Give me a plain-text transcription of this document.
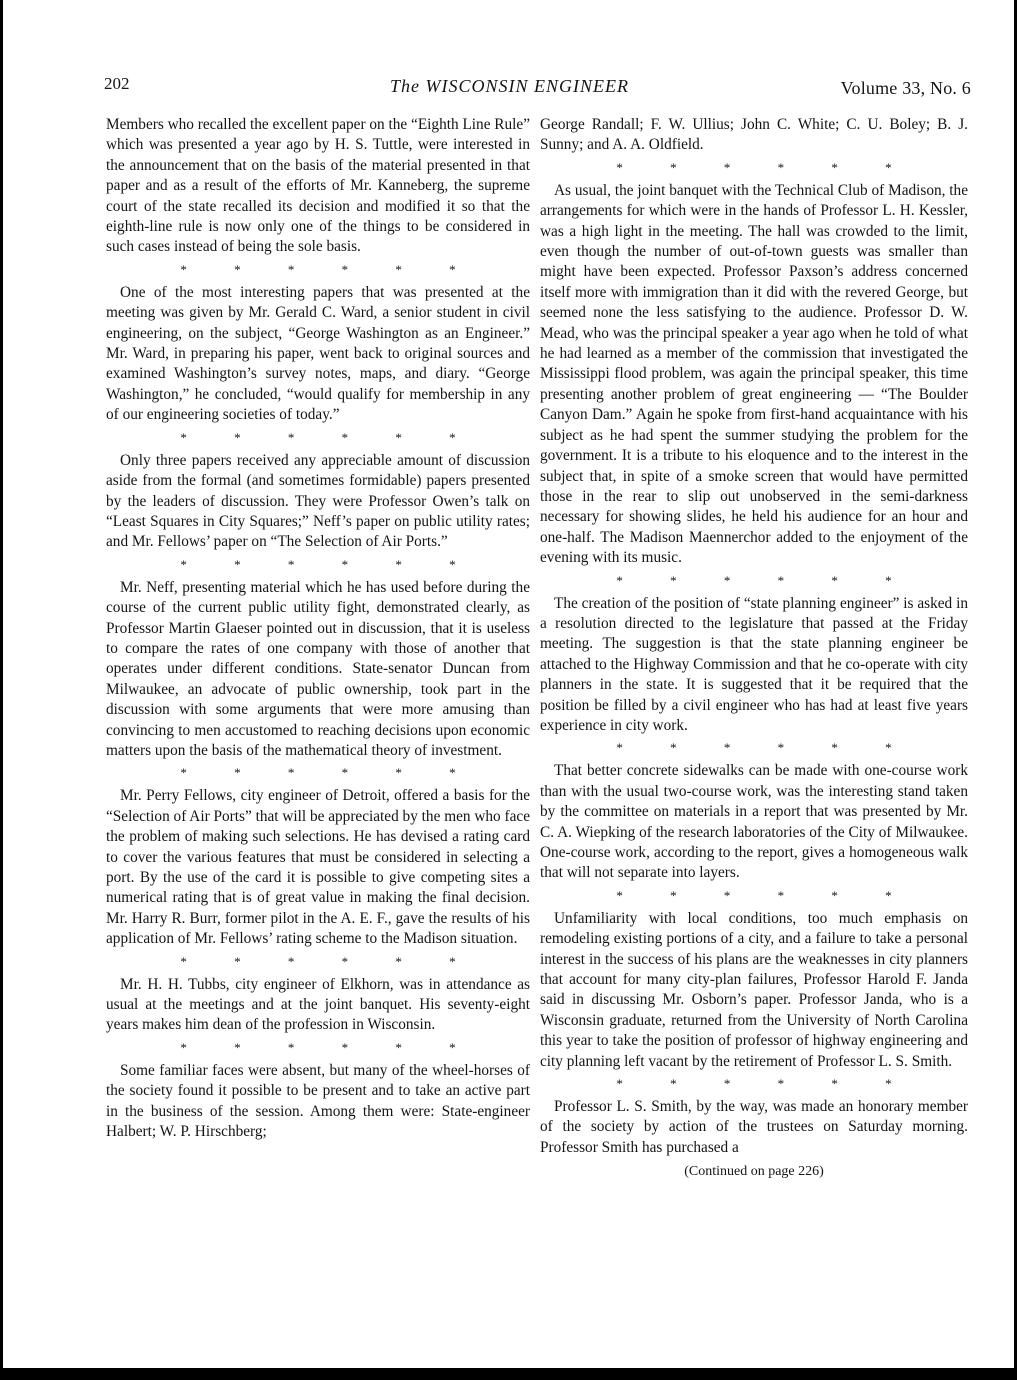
202	The WISCONSIN ENGINEER	Volume 33, No. 6

Members who recalled the excellent paper on the “Eighth Line Rule” which was presented a year ago by H. S. Tuttle, were interested in the announcement that on the basis of the material presented in that paper and as a result of the efforts of Mr. Kanneberg, the supreme court of the state recalled its decision and modified it so that the eighth-line rule is now only one of the things to be considered in such cases instead of being the sole basis.

* * * * * *

One of the most interesting papers that was presented at the meeting was given by Mr. Gerald C. Ward, a senior student in civil engineering, on the subject, “George Washington as an Engineer.” Mr. Ward, in preparing his paper, went back to original sources and examined Washington’s survey notes, maps, and diary. “George Washington,” he concluded, “would qualify for membership in any of our engineering societies of today.”

* * * * * *

Only three papers received any appreciable amount of discussion aside from the formal (and sometimes formidable) papers presented by the leaders of discussion. They were Professor Owen’s talk on “Least Squares in City Squares;” Neff’s paper on public utility rates; and Mr. Fellows’ paper on “The Selection of Air Ports.”

* * * * * *

Mr. Neff, presenting material which he has used before during the course of the current public utility fight, demonstrated clearly, as Professor Martin Glaeser pointed out in discussion, that it is useless to compare the rates of one company with those of another that operates under different conditions. State-senator Duncan from Milwaukee, an advocate of public ownership, took part in the discussion with some arguments that were more amusing than convincing to men accustomed to reaching decisions upon economic matters upon the basis of the mathematical theory of investment.

* * * * * *

Mr. Perry Fellows, city engineer of Detroit, offered a basis for the “Selection of Air Ports” that will be appreciated by the men who face the problem of making such selections. He has devised a rating card to cover the various features that must be considered in selecting a port. By the use of the card it is possible to give competing sites a numerical rating that is of great value in making the final decision. Mr. Harry R. Burr, former pilot in the A. E. F., gave the results of his application of Mr. Fellows’ rating scheme to the Madison situation.

* * * * * *

Mr. H. H. Tubbs, city engineer of Elkhorn, was in attendance as usual at the meetings and at the joint banquet. His seventy-eight years makes him dean of the profession in Wisconsin.

* * * * * *

Some familiar faces were absent, but many of the wheel-horses of the society found it possible to be present and to take an active part in the business of the session. Among them were: State-engineer Halbert; W. P. Hirschberg;

George Randall; F. W. Ullius; John C. White; C. U. Boley; B. J. Sunny; and A. A. Oldfield.

* * * * * *

As usual, the joint banquet with the Technical Club of Madison, the arrangements for which were in the hands of Professor L. H. Kessler, was a high light in the meeting. The hall was crowded to the limit, even though the number of out-of-town guests was smaller than might have been expected. Professor Paxson’s address concerned itself more with immigration than it did with the revered George, but seemed none the less satisfying to the audience. Professor D. W. Mead, who was the principal speaker a year ago when he told of what he had learned as a member of the commission that investigated the Mississippi flood problem, was again the principal speaker, this time presenting another problem of great engineering — “The Boulder Canyon Dam.” Again he spoke from first-hand acquaintance with his subject as he had spent the summer studying the problem for the government. It is a tribute to his eloquence and to the interest in the subject that, in spite of a smoke screen that would have permitted those in the rear to slip out unobserved in the semi-darkness necessary for showing slides, he held his audience for an hour and one-half. The Madison Maennerchor added to the enjoyment of the evening with its music.

* * * * * *

The creation of the position of “state planning engineer” is asked in a resolution directed to the legislature that passed at the Friday meeting. The suggestion is that the state planning engineer be attached to the Highway Commission and that he co-operate with city planners in the state. It is suggested that it be required that the position be filled by a civil engineer who has had at least five years experience in city work.

* * * * * *

That better concrete sidewalks can be made with one-course work than with the usual two-course work, was the interesting stand taken by the committee on materials in a report that was presented by Mr. C. A. Wiepking of the research laboratories of the City of Milwaukee. One-course work, according to the report, gives a homogeneous walk that will not separate into layers.

* * * * * *

Unfamiliarity with local conditions, too much emphasis on remodeling existing portions of a city, and a failure to take a personal interest in the success of his plans are the weaknesses in city planners that account for many city-plan failures, Professor Harold F. Janda said in discussing Mr. Osborn’s paper. Professor Janda, who is a Wisconsin graduate, returned from the University of North Carolina this year to take the position of professor of highway engineering and city planning left vacant by the retirement of Professor L. S. Smith.

* * * * * *

Professor L. S. Smith, by the way, was made an honorary member of the society by action of the trustees on Saturday morning. Professor Smith has purchased a

(Continued on page 226)
